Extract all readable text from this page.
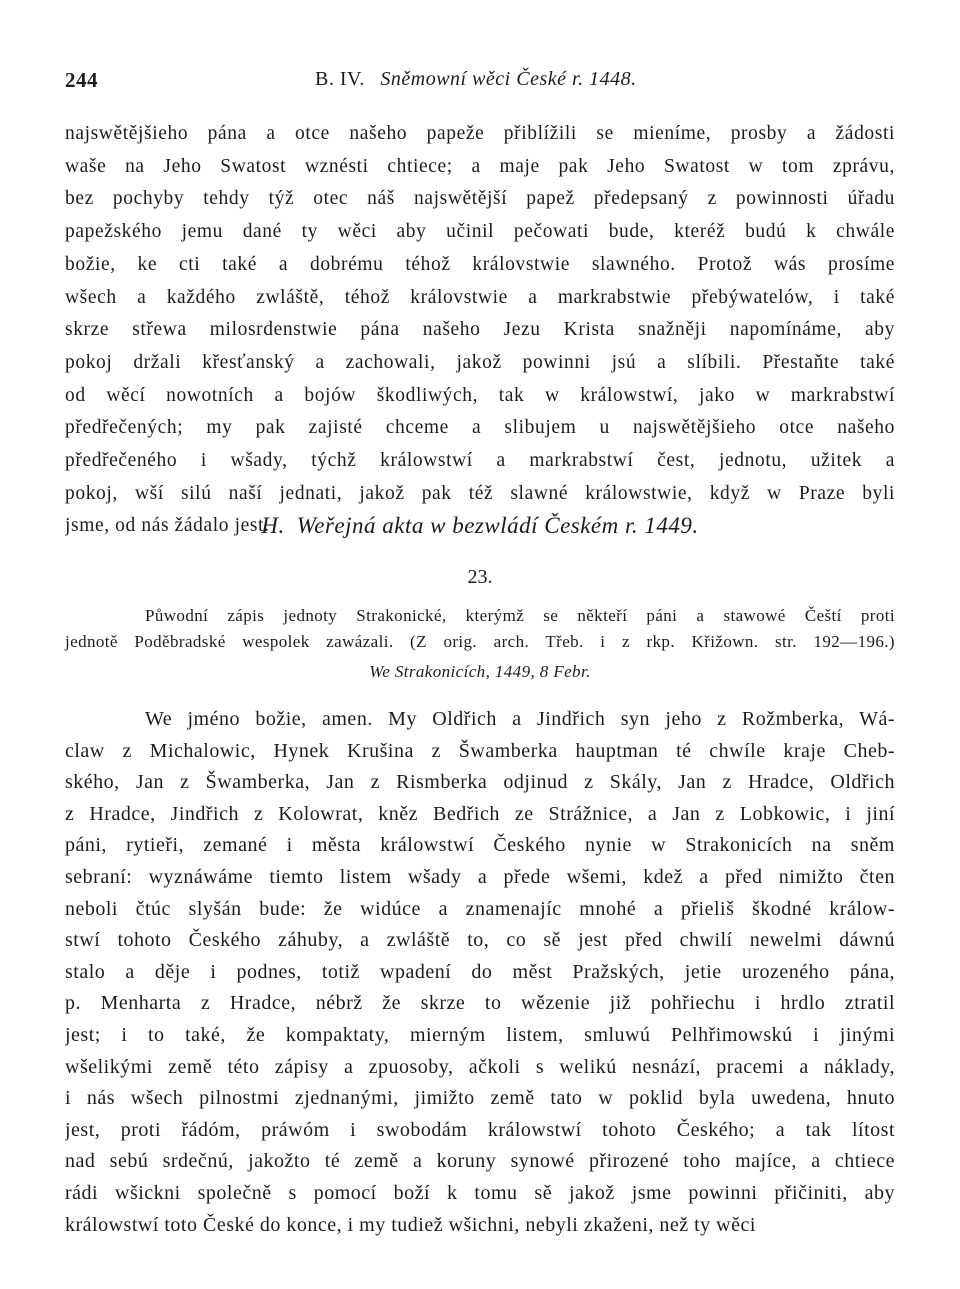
244	B. IV. Sněmowní wěci České r. 1448.
najswětějšieho pána a otce našeho papeže přiblížili se mieníme, prosby a žádosti
waše na Jeho Swatost wznésti chtiece; a maje pak Jeho Swatost w tom zprávu,
bez pochyby tehdy týž otec náš najswětější papež předepsaný z powinnosti úřadu
papežského jemu dané ty wěci aby učinil pečowati bude, kteréž budú k chwále
božie, ke cti také a dobrému téhož královstwie slawného. Protož wás prosíme
wšech a každého zwláště, téhož královstwie a markrabstwie přebýwatelów, i také
skrze střewa milosrdenstwie pána našeho Jezu Krista snažněji napomínáme, aby
pokoj držali křesťanský a zachowali, jakož powinni jsú a slíbili. Přestaňte také
od wěcí nowotních a bojów škodliwých, tak w králowstwí, jako w markrabstwí
předřečených; my pak zajisté chceme a slibujem u najswětějšieho otce našeho
předřečeného i wšady, týchž králowstwí a markrabstwí čest, jednotu, užitek a
pokoj, wší silú naší jednati, jakož pak též slawné králowstwie, když w Praze byli
jsme, od nás žádalo jest.
H. Weřejná akta w bezwládí Českém r. 1449.
23.
Půwodní zápis jednoty Strakonické, kterýmž se někteří páni a stawowé Čeští proti
jednotě Poděbradské wespolek zawázali. (Z orig. arch. Třeb. i z rkp. Křižown. str. 192—196.)
We Strakonicích, 1449, 8 Febr.
We jméno božie, amen. My Oldřich a Jindřich syn jeho z Rožmberka, Wá-
claw z Michalowic, Hynek Krušina z Šwamberka hauptman té chwíle kraje Cheb-
ského, Jan z Šwamberka, Jan z Rismberka odjinud z Skály, Jan z Hradce, Oldřich
z Hradce, Jindřich z Kolowrat, kněz Bedřich ze Strážnice, a Jan z Lobkowic, i jiní
páni, rytieři, zemané i města králowstwí Českého nynie w Strakonicích na sněm
sebraní: wyznáwáme tiemto listem wšady a přede wšemi, kdež a před nimižto čten
neboli čtúc slyšán bude: že widúce a znamenajíc mnohé a přieliš škodné králow-
stwí tohoto Českého záhuby, a zwláště to, co sě jest před chwilí newelmi dáwnú
stalo a děje i podnes, totiž wpadení do měst Pražských, jetie urozeného pána,
p. Menharta z Hradce, nébrž že skrze to wězenie již pohřiechu i hrdlo ztratil
jest; i to také, že kompaktaty, mierným listem, smluwú Pelhřimowskú i jinými
wšelikými země této zápisy a zpuosoby, ačkoli s welikú nesnází, pracemi a náklady,
i nás wšech pilnostmi zjednanými, jimižto země tato w poklid byla uwedena, hnuto
jest, proti řádóm, práwóm i swobodám králowstwí tohoto Českého; a tak lítost
nad sebú srdečnú, jakožto té země a koruny synowé přirozené toho majíce, a chtiece
rádi wšickni společně s pomocí boží k tomu sě jakož jsme powinni přičiniti, aby
králowstwí toto České do konce, i my tudiež wšichni, nebyli zkaženi, než ty wěci
